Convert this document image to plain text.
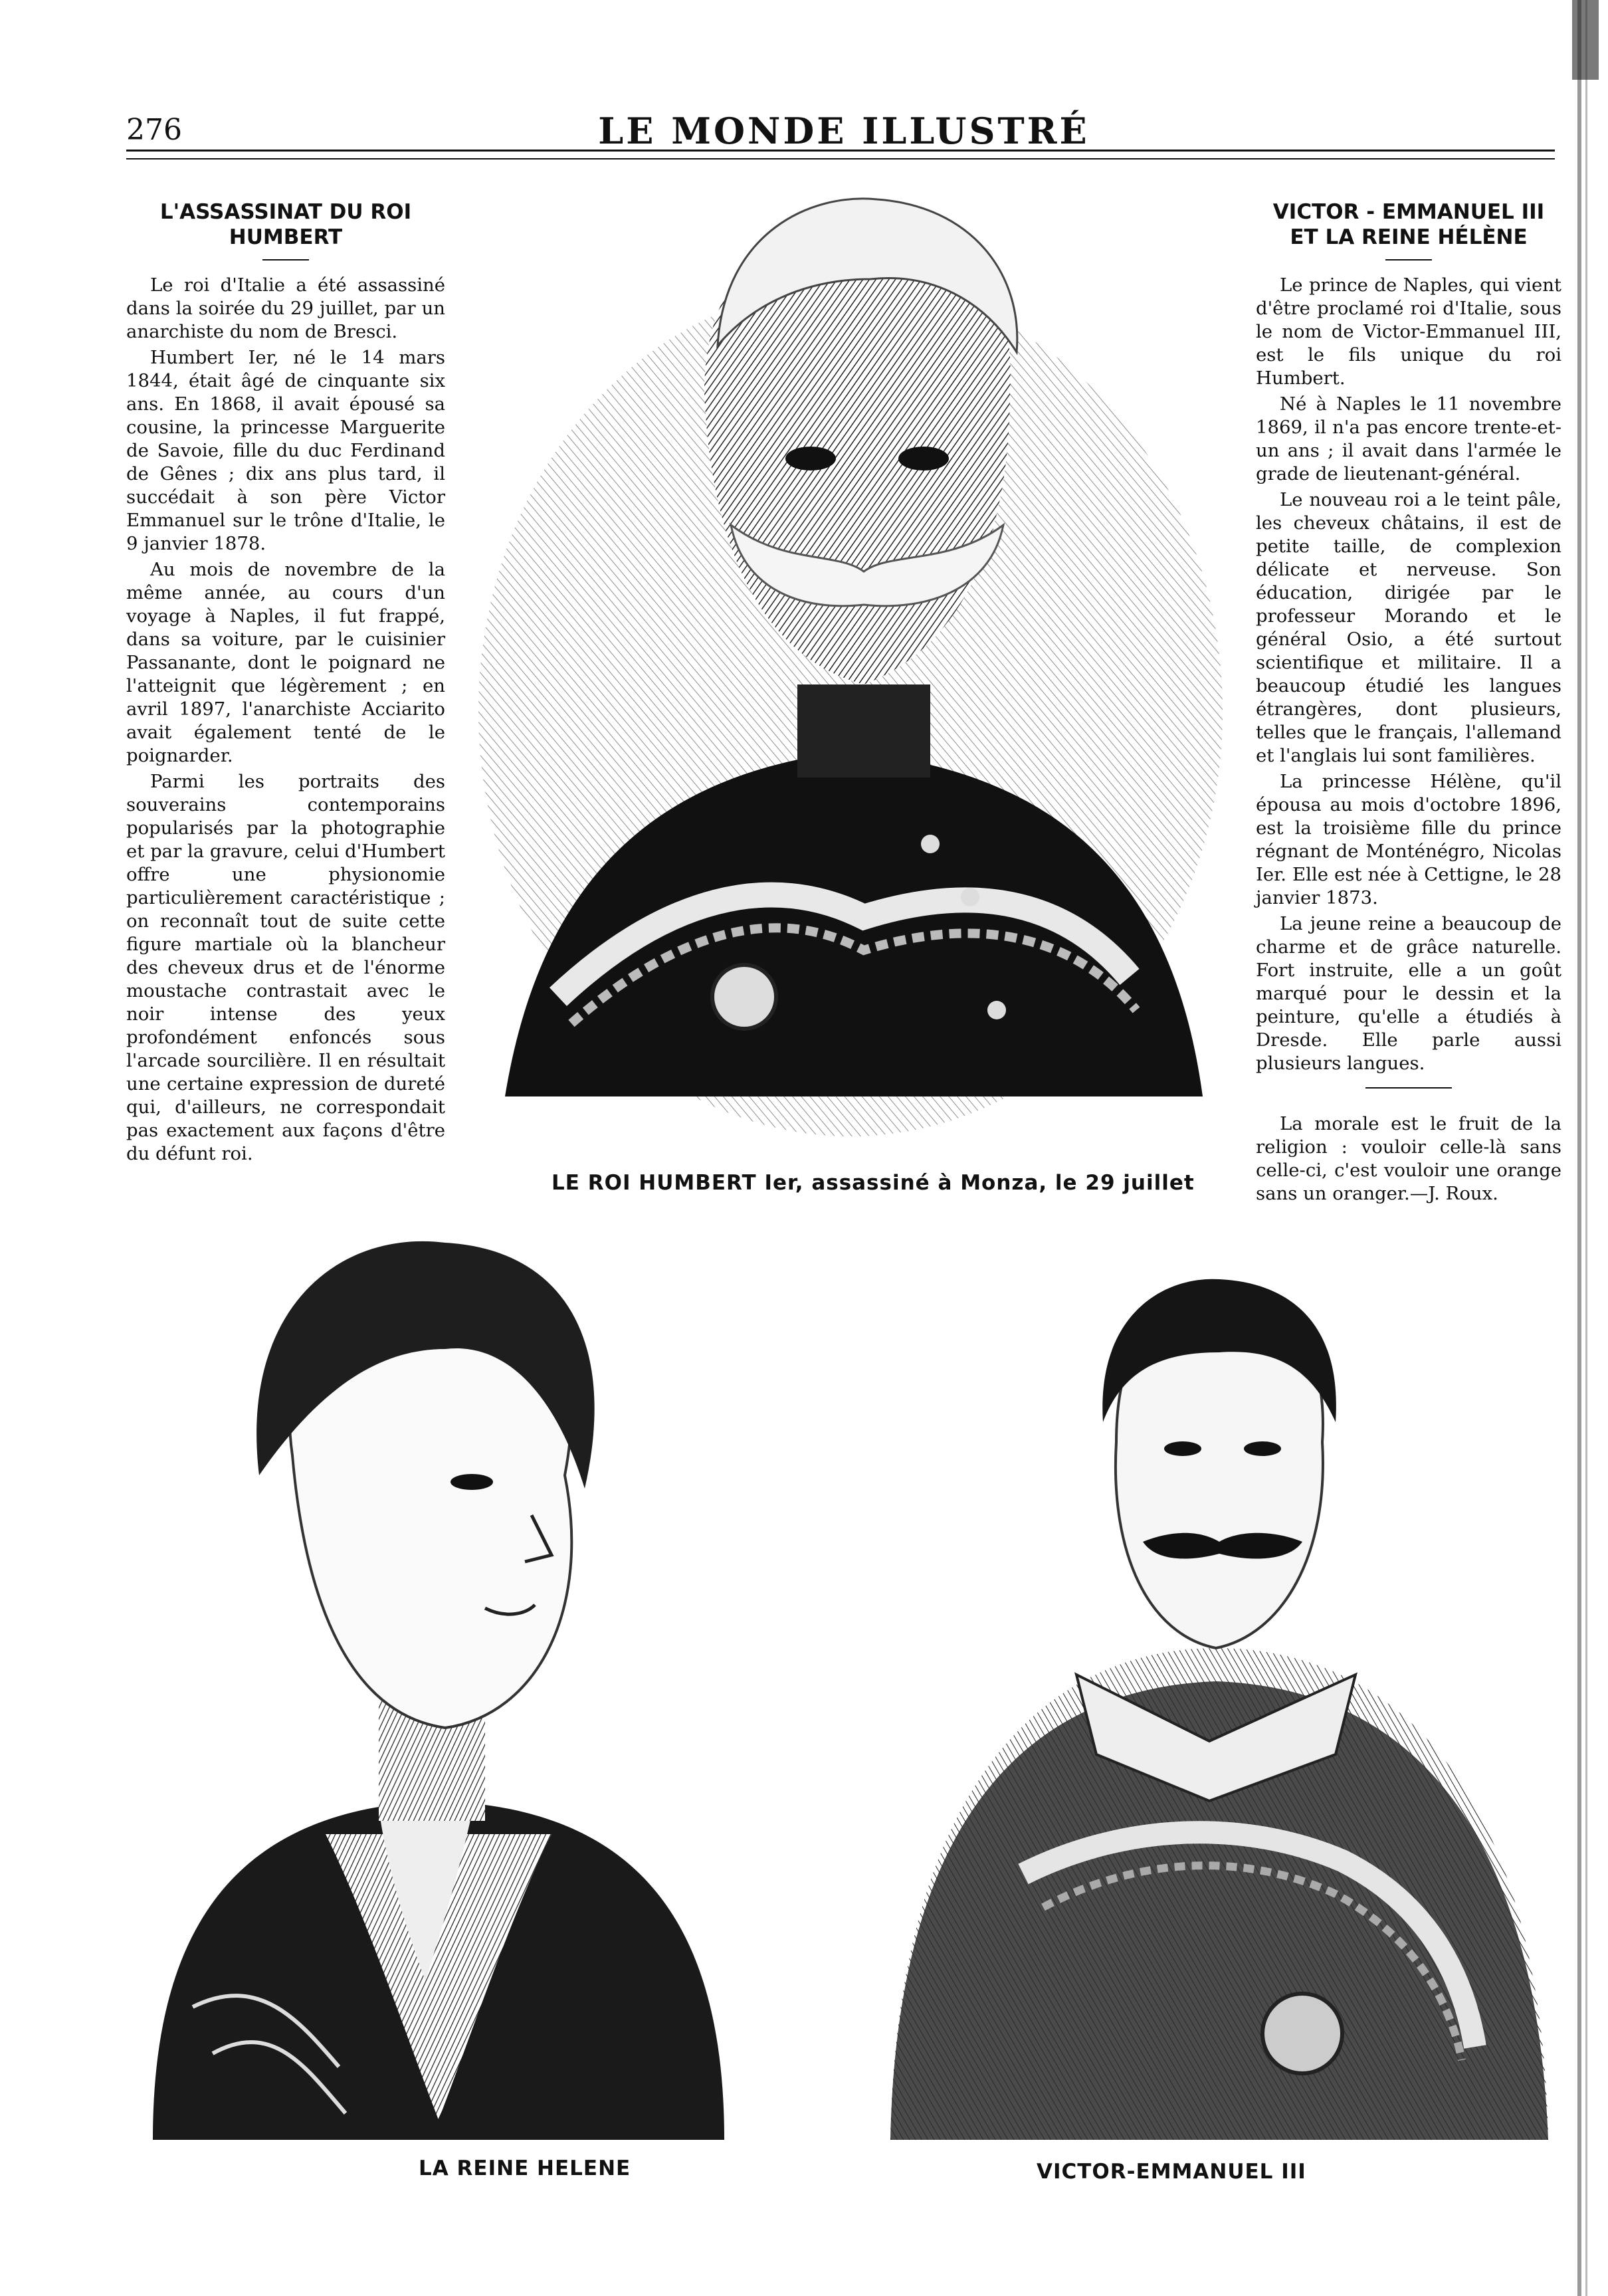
276	LE MONDE ILLUSTRÉ
L'ASSASSINAT DU ROI HUMBERT

Le roi d'Italie a été assassiné dans la soirée du 29 juillet, par un anarchiste du nom de Bresci.

Humbert Ier, né le 14 mars 1844, était âgé de cinquante six ans. En 1868, il avait épousé sa cousine, la princesse Marguerite de Savoie, fille du duc Ferdinand de Gênes ; dix ans plus tard, il succédait à son père Victor Emmanuel sur le trône d'Italie, le 9 janvier 1878.

Au mois de novembre de la même année, au cours d'un voyage à Naples, il fut frappé, dans sa voiture, par le cuisinier Passanante, dont le poignard ne l'atteignit que légèrement ; en avril 1897, l'anarchiste Acciarito avait également tenté de le poignarder.

Parmi les portraits des souverains contemporains popularisés par la photographie et par la gravure, celui d'Humbert offre une physionomie particulièrement caractéristique ; on reconnaît tout de suite cette figure martiale où la blancheur des cheveux drus et de l'énorme moustache contrastait avec le noir intense des yeux profondément enfoncés sous l'arcade sourcilière. Il en résultait une certaine expression de dureté qui, d'ailleurs, ne correspondait pas exactement aux façons d'être du défunt roi.

VICTOR - EMMANUEL III ET LA REINE HÉLÈNE

Le prince de Naples, qui vient d'être proclamé roi d'Italie, sous le nom de Victor-Emmanuel III, est le fils unique du roi Humbert.

Né à Naples le 11 novembre 1869, il n'a pas encore trente-et-un ans ; il avait dans l'armée le grade de lieutenant-général.

Le nouveau roi a le teint pâle, les cheveux châtains, il est de petite taille, de complexion délicate et nerveuse. Son éducation, dirigée par le professeur Morando et le général Osio, a été surtout scientifique et militaire. Il a beaucoup étudié les langues étrangères, dont plusieurs, telles que le français, l'allemand et l'anglais lui sont familières.

La princesse Hélène, qu'il épousa au mois d'octobre 1896, est la troisième fille du prince régnant de Monténégro, Nicolas Ier. Elle est née à Cettigne, le 28 janvier 1873.

La jeune reine a beaucoup de charme et de grâce naturelle. Fort instruite, elle a un goût marqué pour le dessin et la peinture, qu'elle a étudiés à Dresde. Elle parle aussi plusieurs langues.

La morale est le fruit de la religion : vouloir celle-là sans celle-ci, c'est vouloir une orange sans un oranger.—J. Roux.

LE ROI HUMBERT Ier, assassiné à Monza, le 29 juillet
LA REINE HELENE	VICTOR-EMMANUEL III
